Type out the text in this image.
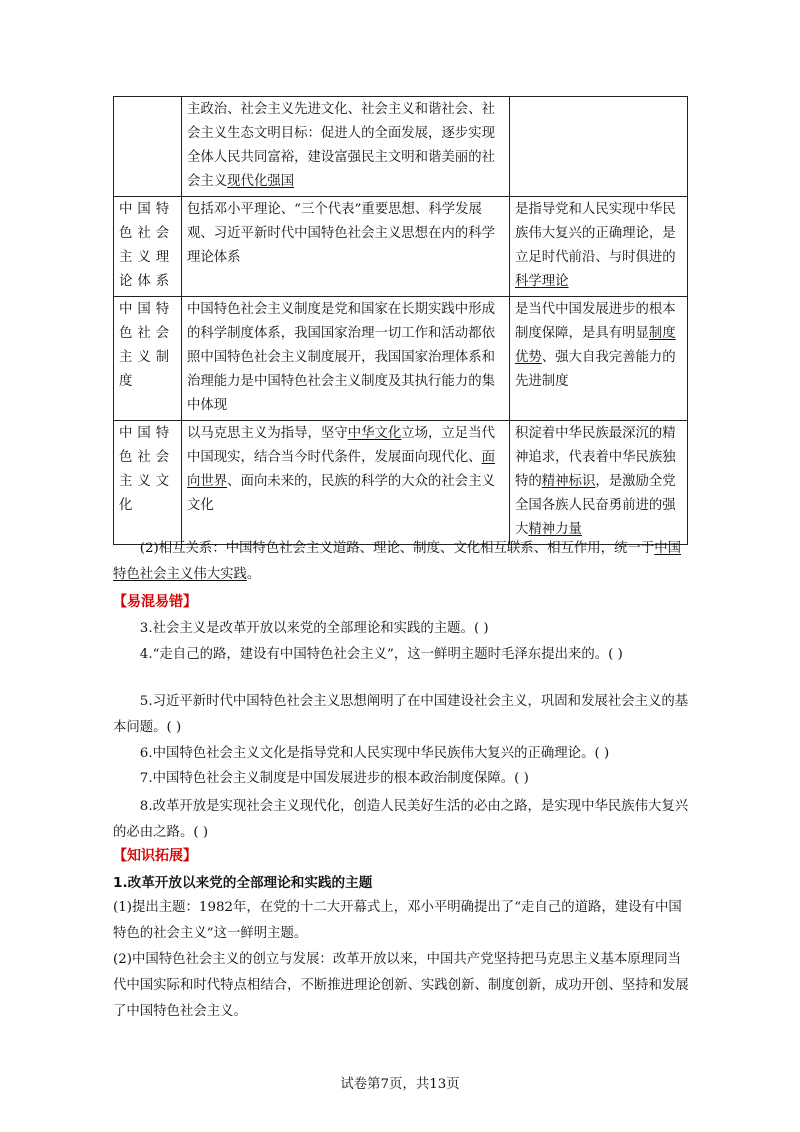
	主政治、社会主义先进文化、社会主义和谐社会、社会主义生态文明目标：促进人的全面发展，逐步实现全体人民共同富裕，建设富强民主文明和谐美丽的社会主义现代化强国	
中国特色社会主义理论体系	包括邓小平理论、“三个代表”重要思想、科学发展观、习近平新时代中国特色社会主义思想在内的科学理论体系	是指导党和人民实现中华民族伟大复兴的正确理论，是立足时代前沿、与时俱进的科学理论
中国特色社会主义制度	中国特色社会主义制度是党和国家在长期实践中形成的科学制度体系，我国国家治理一切工作和活动都依照中国特色社会主义制度展开，我国国家治理体系和治理能力是中国特色社会主义制度及其执行能力的集中体现	是当代中国发展进步的根本制度保障，是具有明显制度优势、强大自我完善能力的先进制度
中国特色社会主义文化	以马克思主义为指导，坚守中华文化立场，立足当代中国现实，结合当今时代条件，发展面向现代化、面向世界、面向未来的，民族的科学的大众的社会主义文化	积淀着中华民族最深沉的精神追求，代表着中华民族独特的精神标识，是激励全党全国各族人民奋勇前进的强大精神力量
(2)相互关系：中国特色社会主义道路、理论、制度、文化相互联系、相互作用，统一于中国特色社会主义伟大实践。
【易混易错】
3.社会主义是改革开放以来党的全部理论和实践的主题。( )
4.“走自己的路，建设有中国特色社会主义”，这一鲜明主题时毛泽东提出来的。( )
5.习近平新时代中国特色社会主义思想阐明了在中国建设社会主义，巩固和发展社会主义的基本问题。( )
6.中国特色社会主义文化是指导党和人民实现中华民族伟大复兴的正确理论。( )
7.中国特色社会主义制度是中国发展进步的根本政治制度保障。( )
8.改革开放是实现社会主义现代化，创造人民美好生活的必由之路，是实现中华民族伟大复兴的必由之路。( )
【知识拓展】
1.改革开放以来党的全部理论和实践的主题
(1)提出主题：1982年，在党的十二大开幕式上，邓小平明确提出了“走自己的道路，建设有中国特色的社会主义”这一鲜明主题。
(2)中国特色社会主义的创立与发展：改革开放以来，中国共产党坚持把马克思主义基本原理同当代中国实际和时代特点相结合，不断推进理论创新、实践创新、制度创新，成功开创、坚持和发展了中国特色社会主义。
试卷第7页，共13页
